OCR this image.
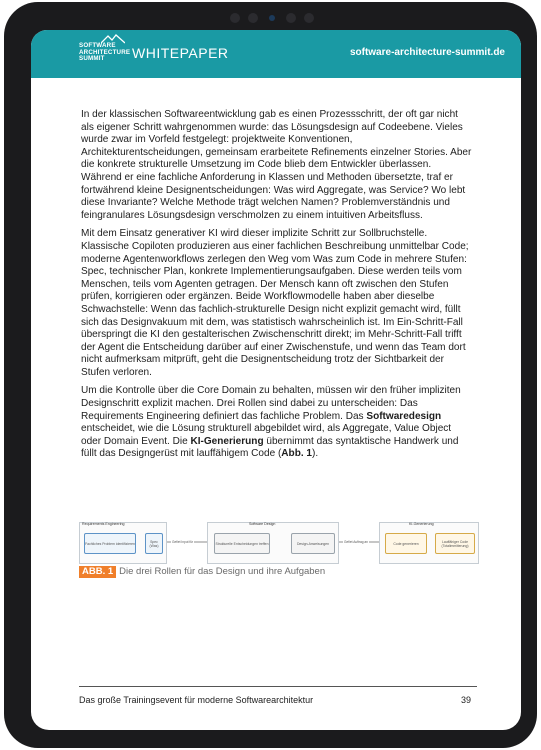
SOFTWARE
ARCHITECTURE
SUMMIT	WHITEPAPER	software-architecture-summit.de

In der klassischen Softwareentwicklung gab es einen Prozessschritt, der oft gar nicht als eigener Schritt wahrgenommen wurde: das Lösungsdesign auf Codeebene. Vieles wurde zwar im Vorfeld festgelegt: projektweite Konventionen, Architekturentscheidungen, gemeinsam erarbeitete Refinements einzelner Stories. Aber die konkrete strukturelle Umsetzung im Code blieb dem Entwickler überlassen. Während er eine fachliche Anforderung in Klassen und Methoden übersetzte, traf er fortwährend kleine Designentscheidungen: Was wird Aggregate, was Service? Wo lebt diese Invariante? Welche Methode trägt welchen Namen? Problemverständnis und feingranulares Lösungsdesign verschmolzen zu einem intuitiven Arbeitsfluss.

Mit dem Einsatz generativer KI wird dieser implizite Schritt zur Sollbruchstelle. Klassische Copiloten produzieren aus einer fachlichen Beschreibung unmittelbar Code; moderne Agentenworkflows zerlegen den Weg vom Was zum Code in mehrere Stufen: Spec, technischer Plan, konkrete Implementierungsaufgaben. Diese werden teils vom Menschen, teils vom Agenten getragen. Der Mensch kann oft zwischen den Stufen prüfen, korrigieren oder ergänzen. Beide Workflowmodelle haben aber dieselbe Schwachstelle: Wenn das fachlich-strukturelle Design nicht explizit gemacht wird, füllt sich das Designvakuum mit dem, was statistisch wahrscheinlich ist. Im Ein-Schritt-Fall überspringt die KI den gestalterischen Zwischenschritt direkt; im Mehr-Schritt-Fall trifft der Agent die Entscheidung darüber auf einer Zwischenstufe, und wenn das Team dort nicht aufmerksam mitprüft, geht die Designentscheidung trotz der Sichtbarkeit der Stufen verloren.

Um die Kontrolle über die Core Domain zu behalten, müssen wir den früher impliziten Designschritt explizit machen. Drei Rollen sind dabei zu unterscheiden: Das Requirements Engineering definiert das fachliche Problem. Das Softwaredesign entscheidet, wie die Lösung strukturell abgebildet wird, als Aggregate, Value Object oder Domain Event. Die KI-Generierung übernimmt das syntaktische Handwerk und füllt das Designgerüst mit lauffähigem Code (Abb. 1).

Requirements Engineering	Software Design	KI-Generierung
Fachliches Problem identifizieren	Spec (Was)	Strukturelle Entscheidungen treffen	Design-Anweisungen	Code generieren	Lauffähiger Code (Totalimmitierung)
Gefiet Input für	Gefiet Auftrag an
ABB. 1 Die drei Rollen für das Design und ihre Aufgaben
Das große Trainingsevent für moderne Softwarearchitektur	39
